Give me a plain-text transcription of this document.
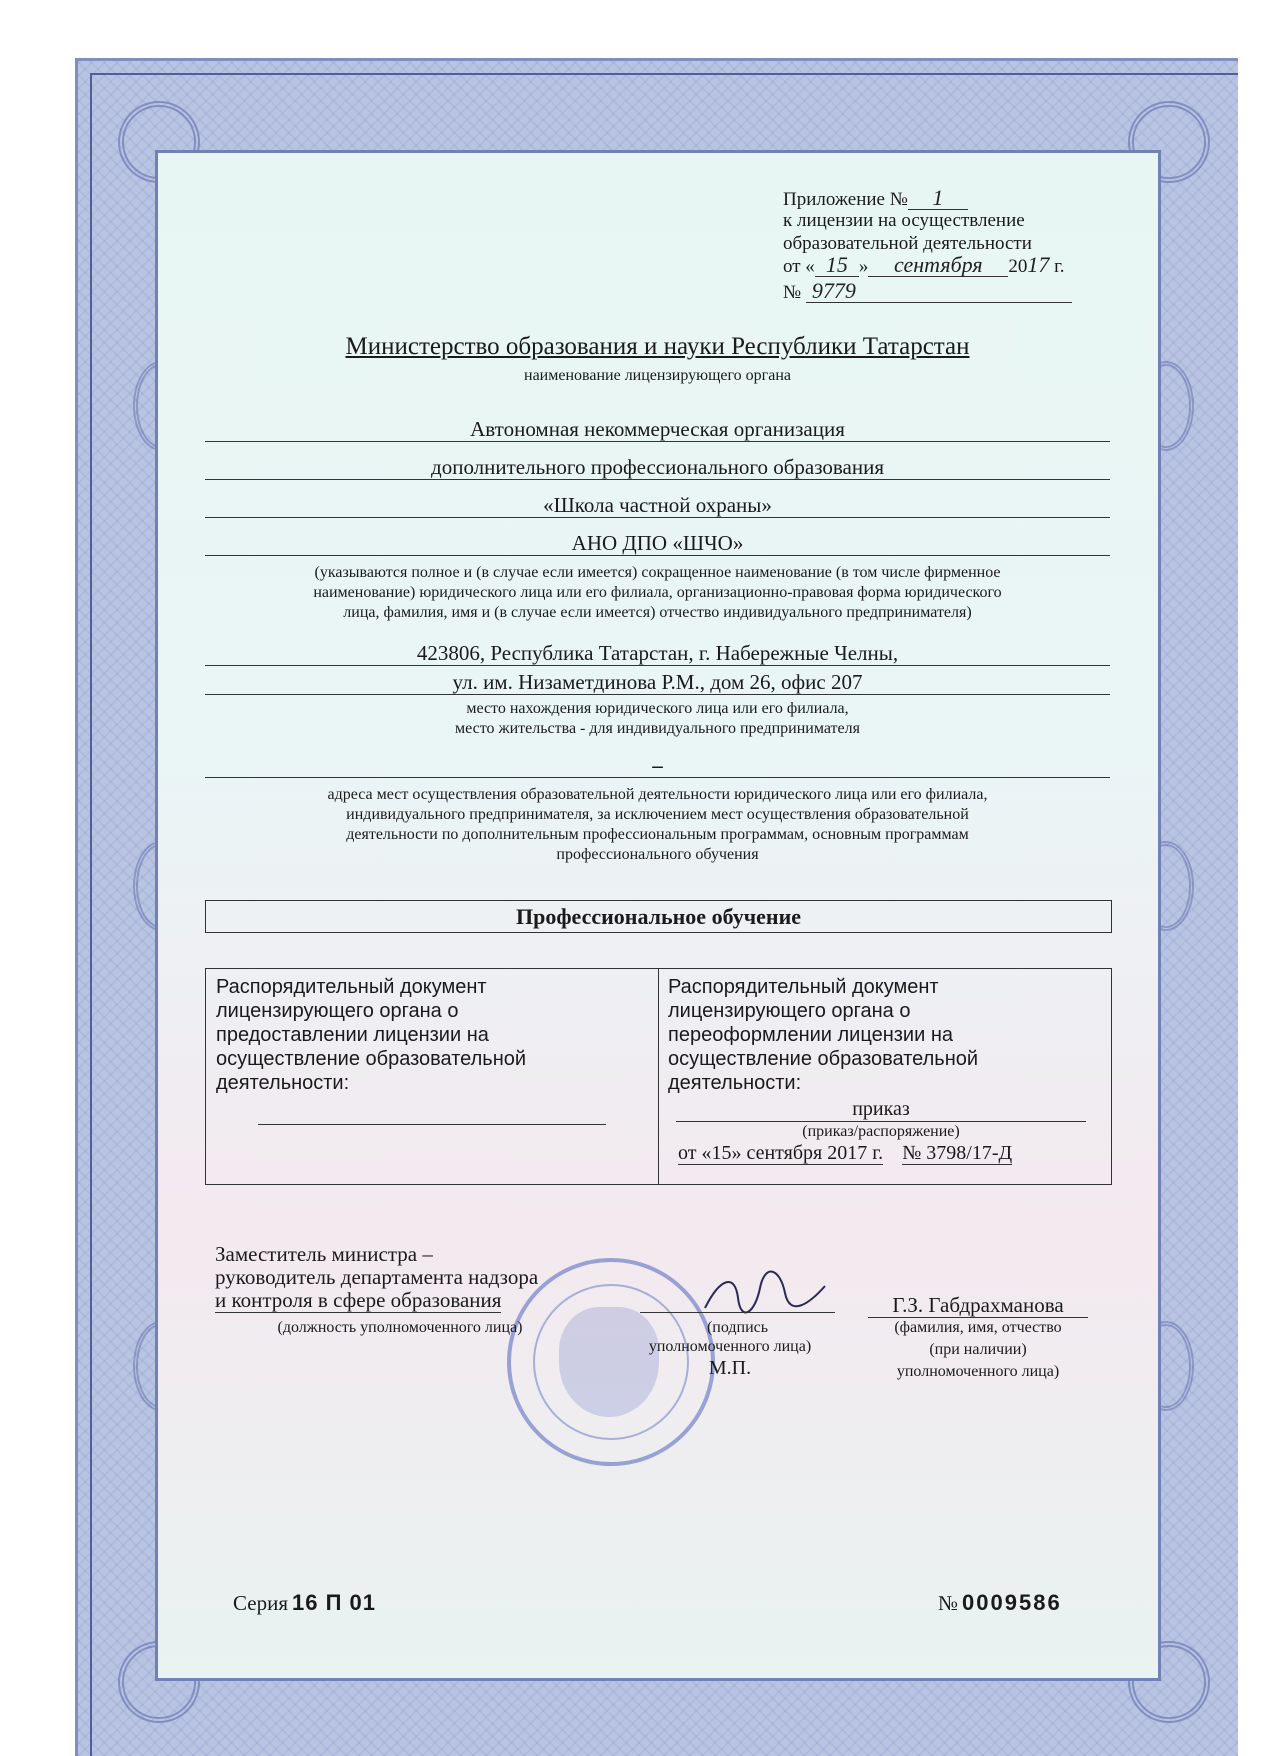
Приложение № 1
к лицензии на осуществление
образовательной деятельности
от « 15 » сентября 2017 г.
№ 9779
Министерство образования и науки Республики Татарстан
наименование лицензирующего органа
Автономная некоммерческая организация
дополнительного профессионального образования
«Школа частной охраны»
АНО ДПО «ШЧО»
(указываются полное и (в случае если имеется) сокращенное наименование (в том числе фирменное
наименование) юридического лица или его филиала, организационно-правовая форма юридического
лица, фамилия, имя и (в случае если имеется) отчество индивидуального предпринимателя)
423806, Республика Татарстан, г. Набережные Челны,
ул. им. Низаметдинова Р.М., дом 26, офис 207
место нахождения юридического лица или его филиала,
место жительства - для индивидуального предпринимателя
–
адреса мест осуществления образовательной деятельности юридического лица или его филиала,
индивидуального предпринимателя, за исключением мест осуществления образовательной
деятельности по дополнительным профессиональным программам, основным программам
профессионального обучения
Профессиональное обучение
Распорядительный документ
лицензирующего органа о
предоставлении лицензии на
осуществление образовательной
деятельности:
Распорядительный документ
лицензирующего органа о
переоформлении лицензии на
осуществление образовательной
деятельности:
приказ
(приказ/распоряжение)
от «15» сентября 2017 г. № 3798/17-Д
Заместитель министра –
руководитель департамента надзора
и контроля в сфере образования
(должность уполномоченного лица)	(подпись
уполномоченного лица)
М.П.
Г.З. Габдрахманова
(фамилия, имя, отчество
(при наличии)
уполномоченного лица)
Серия 16 П 01	№ 0009586
